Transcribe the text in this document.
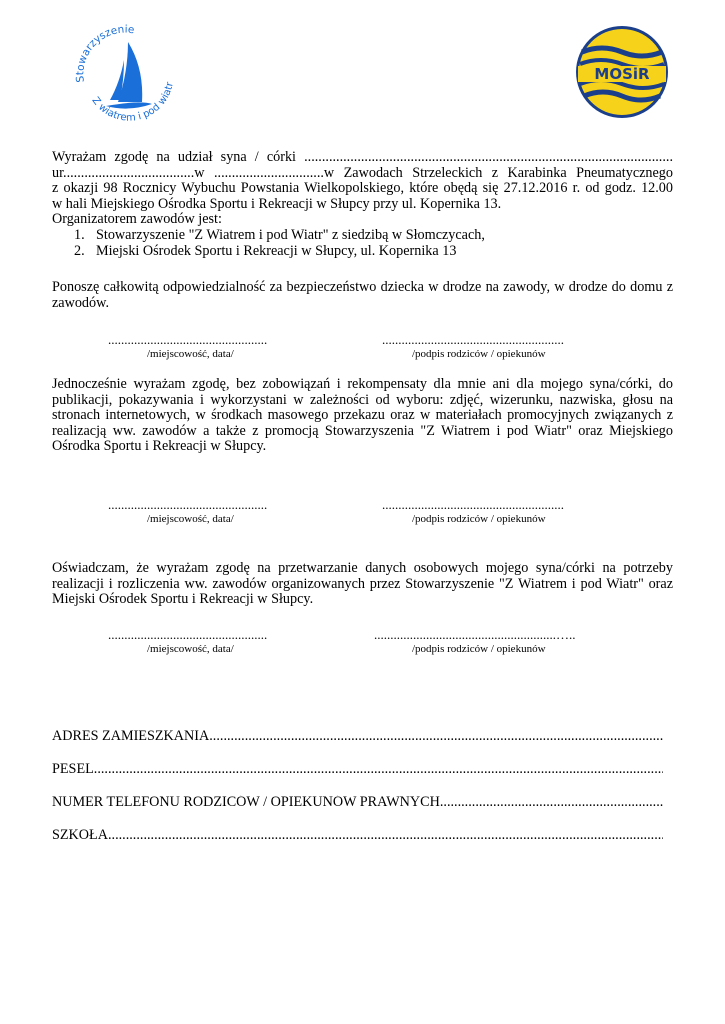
Stowarzyszenie
Z wiatrem i pod wiatr
MOSiR

Wyrażam zgodę na udział syna / córki ........................................................................................................

ur.....................................w ...............................w Zawodach Strzeleckich z Karabinka Pneumatycznego

z okazji 98 Rocznicy Wybuchu Powstania Wielkopolskiego, które obędą się 27.12.2016 r. od godz. 12.00

w hali Miejskiego Ośrodka Sportu i Rekreacji w Słupcy przy ul. Kopernika 13.

Organizatorem zawodów jest:

1. Stowarzyszenie "Z Wiatrem i pod Wiatr" z siedzibą w Słomczycach,
2. Miejski Ośrodek Sportu i Rekreacji w Słupcy, ul. Kopernika 13

Ponoszę całkowitą odpowiedzialność za bezpieczeństwo dziecka w drodze na zawody, w drodze do domu z zawodów.

.................................................	........................................................
/miejscowość, data/	/podpis rodziców / opiekunów

Jednocześnie wyrażam zgodę, bez zobowiązań i rekompensaty dla mnie ani dla mojego syna/córki, do publikacji, pokazywania i wykorzystani w zależności od wyboru: zdjęć, wizerunku, nazwiska, głosu na stronach internetowych, w środkach masowego przekazu oraz w materiałach promocyjnych związanych z realizacją ww. zawodów a także z promocją Stowarzyszenia "Z Wiatrem i pod Wiatr" oraz Miejskiego Ośrodka Sportu i Rekreacji w Słupcy.

.................................................	........................................................
/miejscowość, data/	/podpis rodziców / opiekunów

Oświadczam, że wyrażam zgodę na przetwarzanie danych osobowych mojego syna/córki na potrzeby realizacji i rozliczenia ww. zawodów organizowanych przez Stowarzyszenie "Z Wiatrem i pod Wiatr" oraz Miejski Ośrodek Sportu i Rekreacji w Słupcy.

.................................................	........................................................…..
/miejscowość, data/	/podpis rodziców / opiekunów
ADRES ZAMIESZKANIA .....
PESEL .....
NUMER TELEFONU RODZICÓW / OPIEKUNÓW PRAWNYCH .....
SZKOŁA .....
